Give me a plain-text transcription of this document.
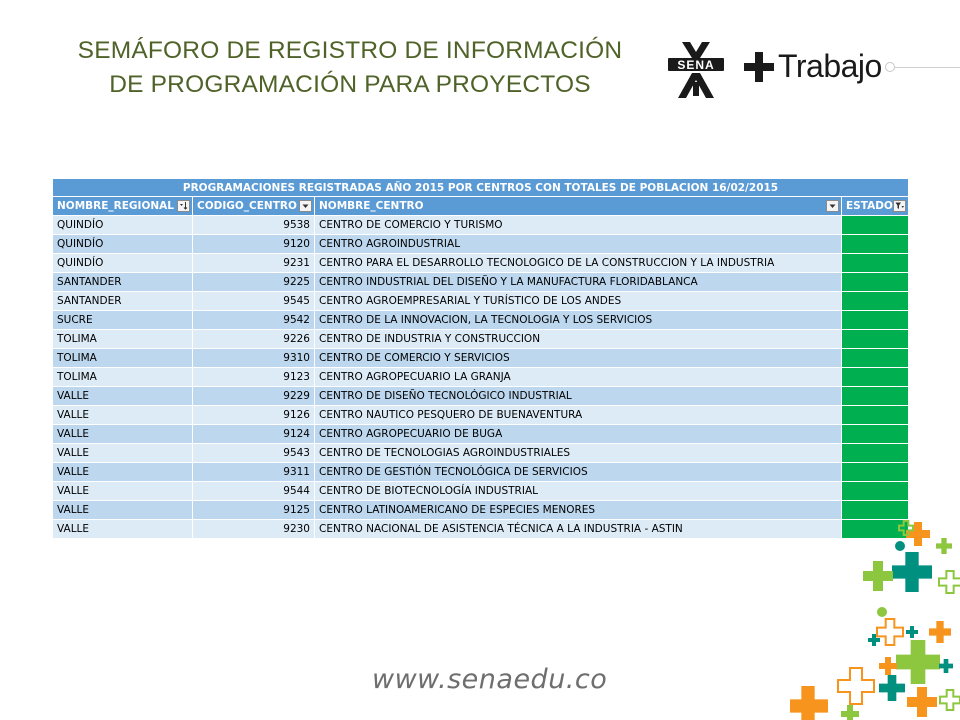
SEMÁFORO DE REGISTRO DE INFORMACIÓN
DE PROGRAMACIÓN PARA PROYECTOS
SENA Trabajo
PROGRAMACIONES REGISTRADAS AÑO 2015 POR CENTROS CON TOTALES DE POBLACION 16/02/2015			
NOMBRE_REGIONAL	CODIGO_CENTRO	NOMBRE_CENTRO	ESTADO

QUINDÍO	9538	CENTRO DE COMERCIO Y TURISMO	
QUINDÍO	9120	CENTRO AGROINDUSTRIAL	
QUINDÍO	9231	CENTRO PARA EL DESARROLLO TECNOLOGICO DE LA CONSTRUCCION Y LA INDUSTRIA	
SANTANDER	9225	CENTRO INDUSTRIAL DEL DISEÑO Y LA MANUFACTURA FLORIDABLANCA	
SANTANDER	9545	CENTRO AGROEMPRESARIAL Y TURÍSTICO DE LOS ANDES	
SUCRE	9542	CENTRO DE LA INNOVACION, LA TECNOLOGIA Y LOS SERVICIOS	
TOLIMA	9226	CENTRO DE INDUSTRIA Y CONSTRUCCION	
TOLIMA	9310	CENTRO DE COMERCIO Y SERVICIOS	
TOLIMA	9123	CENTRO AGROPECUARIO LA GRANJA	
VALLE	9229	CENTRO DE DISEÑO TECNOLÓGICO INDUSTRIAL	
VALLE	9126	CENTRO NAUTICO PESQUERO DE BUENAVENTURA	
VALLE	9124	CENTRO AGROPECUARIO DE BUGA	
VALLE	9543	CENTRO DE TECNOLOGIAS AGROINDUSTRIALES	
VALLE	9311	CENTRO DE GESTIÓN TECNOLÓGICA DE SERVICIOS	
VALLE	9544	CENTRO DE BIOTECNOLOGÍA INDUSTRIAL	
VALLE	9125	CENTRO LATINOAMERICANO DE ESPECIES MENORES	
VALLE	9230	CENTRO NACIONAL DE ASISTENCIA TÉCNICA A LA INDUSTRIA - ASTIN	
www.senaedu.co
